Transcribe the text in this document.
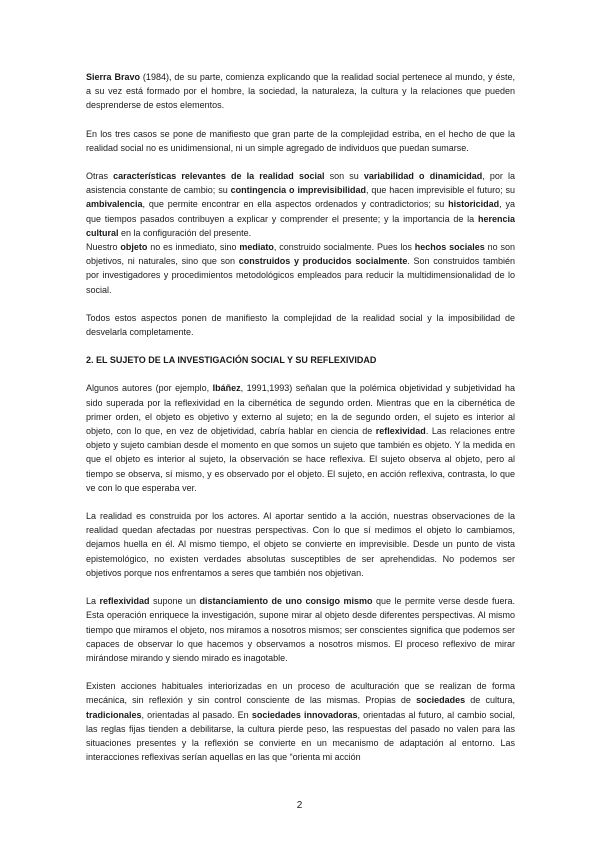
Sierra Bravo (1984), de su parte, comienza explicando que la realidad social pertenece al mundo, y éste, a su vez está formado por el hombre, la sociedad, la naturaleza, la cultura y la relaciones que pueden desprenderse de estos elementos.

En los tres casos se pone de manifiesto que gran parte de la complejidad estriba, en el hecho de que la realidad social no es unidimensional, ni un simple agregado de individuos que puedan sumarse.

Otras características relevantes de la realidad social son su variabilidad o dinamicidad, por la asistencia constante de cambio; su contingencia o imprevisibilidad, que hacen imprevisible el futuro; su ambivalencia, que permite encontrar en ella aspectos ordenados y contradictorios; su historicidad, ya que tiempos pasados contribuyen a explicar y comprender el presente; y la importancia de la herencia cultural en la configuración del presente.

Nuestro objeto no es inmediato, sino mediato, construido socialmente. Pues los hechos sociales no son objetivos, ni naturales, sino que son construidos y producidos socialmente. Son construidos también por investigadores y procedimientos metodológicos empleados para reducir la multidimensionalidad de lo social.

Todos estos aspectos ponen de manifiesto la complejidad de la realidad social y la imposibilidad de desvelarla completamente.

2. EL SUJETO DE LA INVESTIGACIÓN SOCIAL Y SU REFLEXIVIDAD

Algunos autores (por ejemplo, Ibáñez, 1991,1993) señalan que la polémica objetividad y subjetividad ha sido superada por la reflexividad en la cibernética de segundo orden. Mientras que en la cibernética de primer orden, el objeto es objetivo y externo al sujeto; en la de segundo orden, el sujeto es interior al objeto, con lo que, en vez de objetividad, cabría hablar en ciencia de reflexividad. Las relaciones entre objeto y sujeto cambian desde el momento en que somos un sujeto que también es objeto. Y la medida en que el objeto es interior al sujeto, la observación se hace reflexiva. El sujeto observa al objeto, pero al tiempo se observa, sí mismo, y es observado por el objeto. El sujeto, en acción reflexiva, contrasta, lo que ve con lo que esperaba ver.

La realidad es construida por los actores. Al aportar sentido a la acción, nuestras observaciones de la realidad quedan afectadas por nuestras perspectivas. Con lo que sí medimos el objeto lo cambiamos, dejamos huella en él. Al mismo tiempo, el objeto se convierte en imprevisible. Desde un punto de vista epistemológico, no existen verdades absolutas susceptibles de ser aprehendidas. No podemos ser objetivos porque nos enfrentamos a seres que también nos objetivan.

La reflexividad supone un distanciamiento de uno consigo mismo que le permite verse desde fuera. Esta operación enriquece la investigación, supone mirar al objeto desde diferentes perspectivas. Al mismo tiempo que miramos el objeto, nos miramos a nosotros mismos; ser conscientes significa que podemos ser capaces de observar lo que hacemos y observamos a nosotros mismos. El proceso reflexivo de mirar mirándose mirando y siendo mirado es inagotable.

Existen acciones habituales interiorizadas en un proceso de aculturación que se realizan de forma mecánica, sin reflexión y sin control consciente de las mismas. Propias de sociedades de cultura, tradicionales, orientadas al pasado. En sociedades innovadoras, orientadas al futuro, al cambio social, las reglas fijas tienden a debilitarse, la cultura pierde peso, las respuestas del pasado no valen para las situaciones presentes y la reflexión se convierte en un mecanismo de adaptación al entorno. Las interacciones reflexivas serían aquellas en las que “orienta mi acción

2
